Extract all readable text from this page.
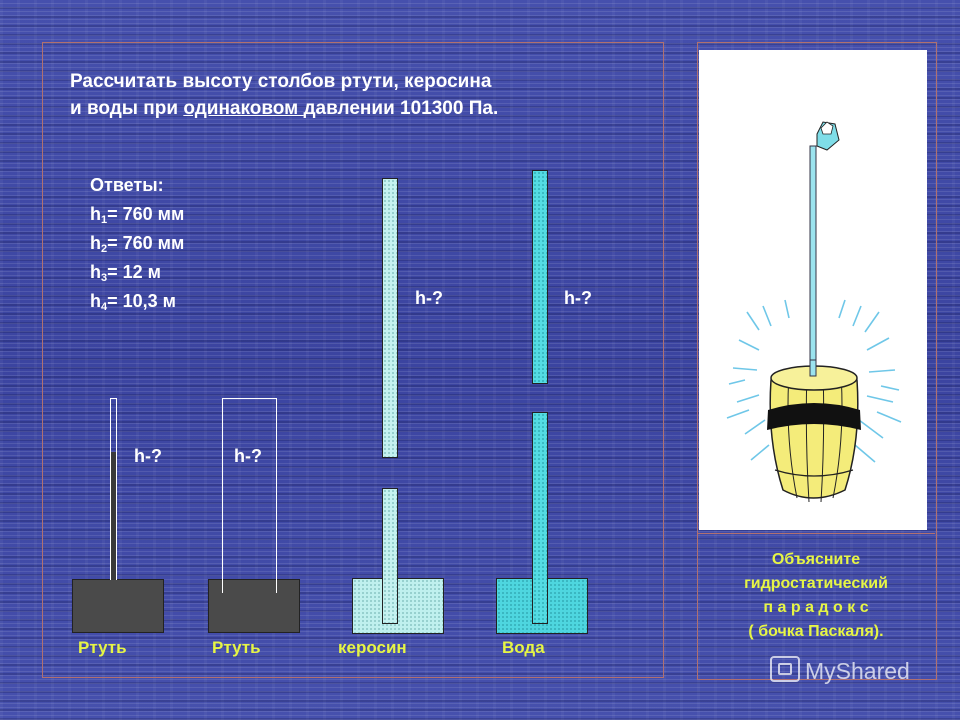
Рассчитать высоту столбов ртути, керосина
и воды при одинаковом давлении 101300 Па.
Ответы:
$h_1= 760$ мм
$h_2= 760$ мм
$h_3= 12$ м
$h_4= 10,3$ м
h-?	h-?
h-?	h-?
Ртуть	Ртуть	керосин	Вода
Объясните
гидростатический
п а р а д о к с
( бочка Паскаля).
MyShared
